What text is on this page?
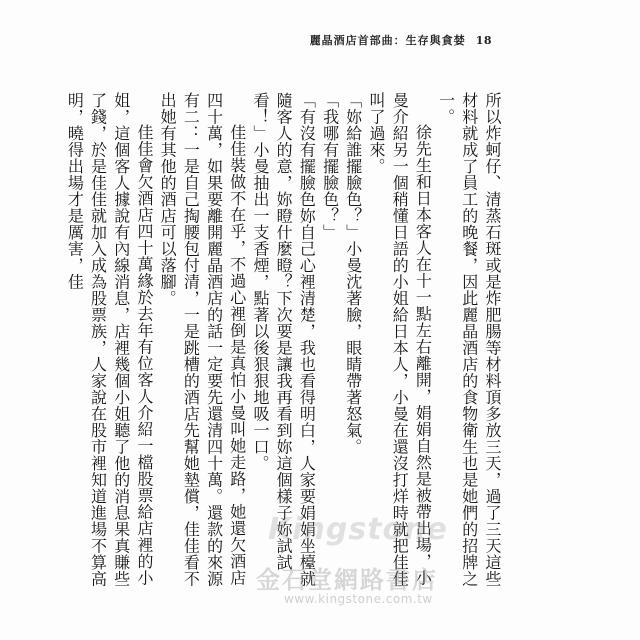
麗晶酒店首部曲：生存與貪婪 18

所以炸蚵仔、清蒸石斑或是炸肥腸等材料頂多放三天，過了三天這些材料就成了員工的晚餐，因此麗晶酒店的食物衛生也是她們的招牌之一。

徐先生和日本客人在十一點左右離開，娟娟自然是被帶出場，小曼介紹另一個稍懂日語的小姐給日本人，小曼在還沒打烊時就把佳佳叫了過來。

「妳給誰擺臉色？」小曼沈著臉，眼睛帶著怒氣。

「我哪有擺臉色？」

「有沒有擺臉色妳自己心裡清楚，我也看得明白，人家要娟娟坐檯就隨客人的意，妳瞪什麼瞪？下次要是讓我再看到妳這個樣子妳試試看！」小曼抽出一支香煙，點著以後狠狠地吸一口。

佳佳裝做不在乎，不過心裡倒是真怕小曼叫她走路，她還欠酒店四十萬，如果要離開麗晶酒店的話一定要先還清四十萬。還款的來源有二：一是自己掏腰包付清，一是跳槽的酒店先幫她墊償，佳佳看不出她有其他的酒店可以落腳。

佳佳會欠酒店四十萬緣於去年有位客人介紹一檔股票給店裡的小姐，這個客人據說有內線消息，店裡幾個小姐聽了他的消息果真賺些了錢，於是佳佳就加入成為股票族，人家說在股市裡知道進場不算高明，曉得出場才是厲害，佳

Kingstone
金石堂網路書店
www.kingstone.com.tw
